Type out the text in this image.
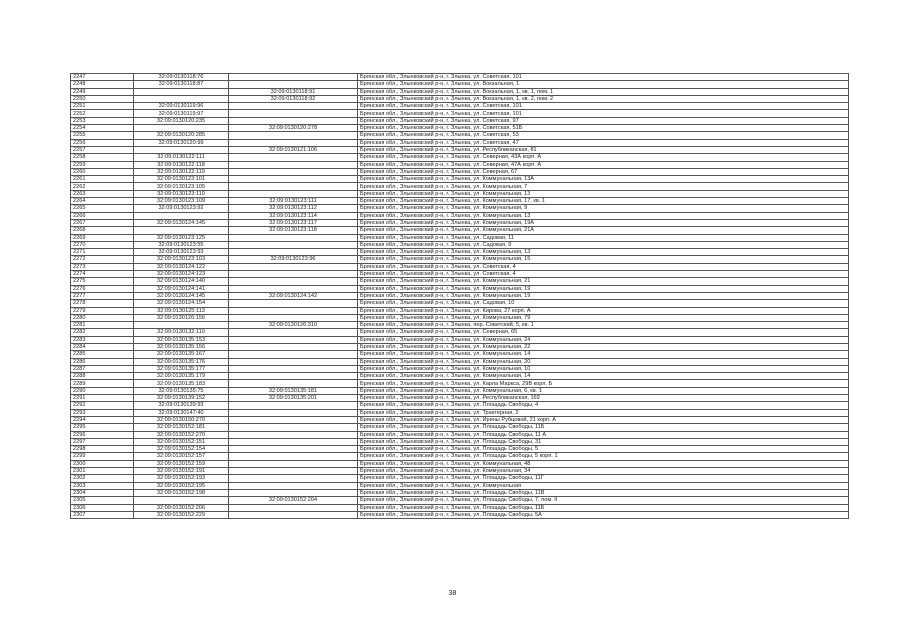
2247	32:09:0130118:76		Брянская обл., Злынковский р-н, г. Злынка, ул. Советская, 101
2248	32:09:0130118:87		Брянская обл., Злынковский р-н, г. Злынка, ул. Вокзальная, 1
2249		32:09:0130118:91	Брянская обл., Злынковский р-н, г. Злынка, ул. Вокзальная, 1, кв. 1, пом. 1
2250		32:09:0130118:92	Брянская обл., Злынковский р-н, г. Злынка, ул. Вокзальная, 1, кв. 2, пом. 2
2251	32:09:0130119:96		Брянская обл., Злынковский р-н, г. Злынка, ул. Советская, 101
2252	32:09:0130119:97		Брянская обл., Злынковский р-н, г. Злынка, ул. Советская, 101
2253	32:09:0130120:235		Брянская обл., Злынковский р-н, г. Злынка, ул. Советская, 97
2254		32:09:0130120:278	Брянская обл., Злынковский р-н, г. Злынка, ул. Советская, 51Б
2255	32:09:0130120:285		Брянская обл., Злынковский р-н, г. Злынка, ул. Советская, 53
2256	32:09:0130120:99		Брянская обл., Злынковский р-н, г. Злынка, ул. Советская, 47
2257		32:09:0130121:106	Брянская обл., Злынковский р-н, г. Злынка, ул. Республиканская, 81
2258	32:09:0130122:111		Брянская обл., Злынковский р-н, г. Злынка, ул. Северная, 43А корп. А
2259	32:09:0130122:118		Брянская обл., Злынковский р-н, г. Злынка, ул. Северная, 47А корп. А
2260	32:09:0130122:119		Брянская обл., Злынковский р-н, г. Злынка, ул. Северная, 67
2261	32:09:0130123:101		Брянская обл., Злынковский р-н, г. Злынка, ул. Коммунальная, 13А
2262	32:09:0130123:105		Брянская обл., Злынковский р-н, г. Злынка, ул. Коммунальная, 7
2263	32:09:0130123:110		Брянская обл., Злынковский р-н, г. Злынка, ул. Коммунальная, 13
2264	32:09:0130123:109	32:09:0130123:111	Брянская обл., Злынковский р-н, г. Злынка, ул. Коммунальная, 17, кв. 1
2265	32:09:0130123:92	32:09:0130123:112	Брянская обл., Злынковский р-н, г. Злынка, ул. Коммунальная, 9
2266		32:09:0130123:114	Брянская обл., Злынковский р-н, г. Злынка, ул. Коммунальная, 13
2267	32:09:0130124:145	32:09:0130123:117	Брянская обл., Злынковский р-н, г. Злынка, ул. Коммунальная, 19А
2268		32:09:0130123:118	Брянская обл., Злынковский р-н, г. Злынка, ул. Коммунальная, 21А
2269	32:09:0130123:125		Брянская обл., Злынковский р-н, г. Злынка, ул. Садовая, 11
2270	32:09:0130123:55		Брянская обл., Злынковский р-н, г. Злынка, ул. Садовая, 9
2271	32:09:0130123:93		Брянская обл., Злынковский р-н, г. Злынка, ул. Коммунальная, 13
2272	32:09:0130123:103	32:09:0130123:96	Брянская обл., Злынковский р-н, г. Злынка, ул. Коммунальная, 15
2273	32:09:0130124:122		Брянская обл., Злынковский р-н, г. Злынка, ул. Советская, 4
2274	32:09:0130124:123		Брянская обл., Злынковский р-н, г. Злынка, ул. Советская, 4
2275	32:09:0130124:140		Брянская обл., Злынковский р-н, г. Злынка, ул. Коммунальная, 21
2276	32:09:0130124:141		Брянская обл., Злынковский р-н, г. Злынка, ул. Коммунальная, 19
2277	32:09:0130124:145	32:09:0130124:142	Брянская обл., Злынковский р-н, г. Злынка, ул. Коммунальная, 19
2278	32:09:0130124:154		Брянская обл., Злынковский р-н, г. Злынка, ул. Садовая, 10
2279	32:09:0130125:113		Брянская обл., Злынковский р-н, г. Злынка, ул. Кирова, 27 корп. А
2280	32:09:0130126:156		Брянская обл., Злынковский р-н, г. Злынка, ул. Коммунальная, 79
2281		32:09:0130126:310	Брянская обл., Злынковский р-н, г. Злынка, пер. Советский, 5, кв. 1
2282	32:09:0130132:110		Брянская обл., Злынковский р-н, г. Злынка, ул. Северная, 65
2283	32:09:0130135:153		Брянская обл., Злынковский р-н, г. Злынка, ул. Коммунальная, 24
2284	32:09:0130135:156		Брянская обл., Злынковский р-н, г. Злынка, ул. Коммунальная, 22
2285	32:09:0130135:167		Брянская обл., Злынковский р-н, г. Злынка, ул. Коммунальная, 14
2286	32:09:0130135:176		Брянская обл., Злынковский р-н, г. Злынка, ул. Коммунальная, 20
2287	32:09:0130135:177		Брянская обл., Злынковский р-н, г. Злынка, ул. Коммунальная, 10
2288	32:09:0130135:179		Брянская обл., Злынковский р-н, г. Злынка, ул. Коммунальная, 14
2289	32:09:0130135:183		Брянская обл., Злынковский р-н, г. Злынка, ул. Карла Маркса, 29В корп. Б
2290	32:09:0130135:75	32:09:0130135:181	Брянская обл., Злынковский р-н, г. Злынка, ул. Коммунальная, 6, кв. 1
2291	32:09:0130139:152	32:09:0130135:201	Брянская обл., Злынковский р-н, г. Злынка, ул. Республиканская, 169
2292	32:09:0130139:93		Брянская обл., Злынковский р-н, г. Злынка, ул. Площадь Свободы, 4
2293	32:09:0130147:40		Брянская обл., Злынковский р-н, г. Злынка, ул. Трактерная, 2
2294	32:09:0130150:270		Брянская обл., Злынковский р-н, г. Злынка, ул. Ирины Рубцовой, 21 корп. А
2295	32:09:0130152:181		Брянская обл., Злынковский р-н, г. Злынка, ул. Площадь Свободы, 11Б
2296	32:09:0130152:270		Брянская обл., Злынковский р-н, г. Злынка, ул. Площадь Свободы, 11 А
2297	32:09:0130152:151		Брянская обл., Злынковский р-н, г. Злынка, ул. Площадь Свободы, 31
2298	32:09:0130152:154		Брянская обл., Злынковский р-н, г. Злынка, ул. Площадь Свободы, 5
2299	32:09:0130152:157		Брянская обл., Злынковский р-н, г. Злынка, ул. Площадь Свободы, 5 корп. 1
2300	32:09:0130152:159		Брянская обл., Злынковский р-н, г. Злынка, ул. Коммунальная, 48
2301	32:09:0130152:191		Брянская обл., Злынковский р-н, г. Злынка, ул. Коммунальная, 34
2302	32:09:0130152:193		Брянская обл., Злынковский р-н, г. Злынка, ул. Площадь Свободы, 11Г
2303	32:09:0130152:195		Брянская обл., Злынковский р-н, г. Злынка, ул. Коммунальная
2304	32:09:0130152:198		Брянская обл., Злынковский р-н, г. Злынка, ул. Площадь Свободы, 11В
2305		32:09:0130152:204	Брянская обл., Злынковский р-н, г. Злынка, ул. Площадь Свободы, 7, пом. II
2306	32:09:0130152:206		Брянская обл., Злынковский р-н, г. Злынка, ул. Площадь Свободы, 11Б
2307	32:09:0130152:229		Брянская обл., Злынковский р-н, г. Злынка, ул. Площадь Свободы, 5А
38
